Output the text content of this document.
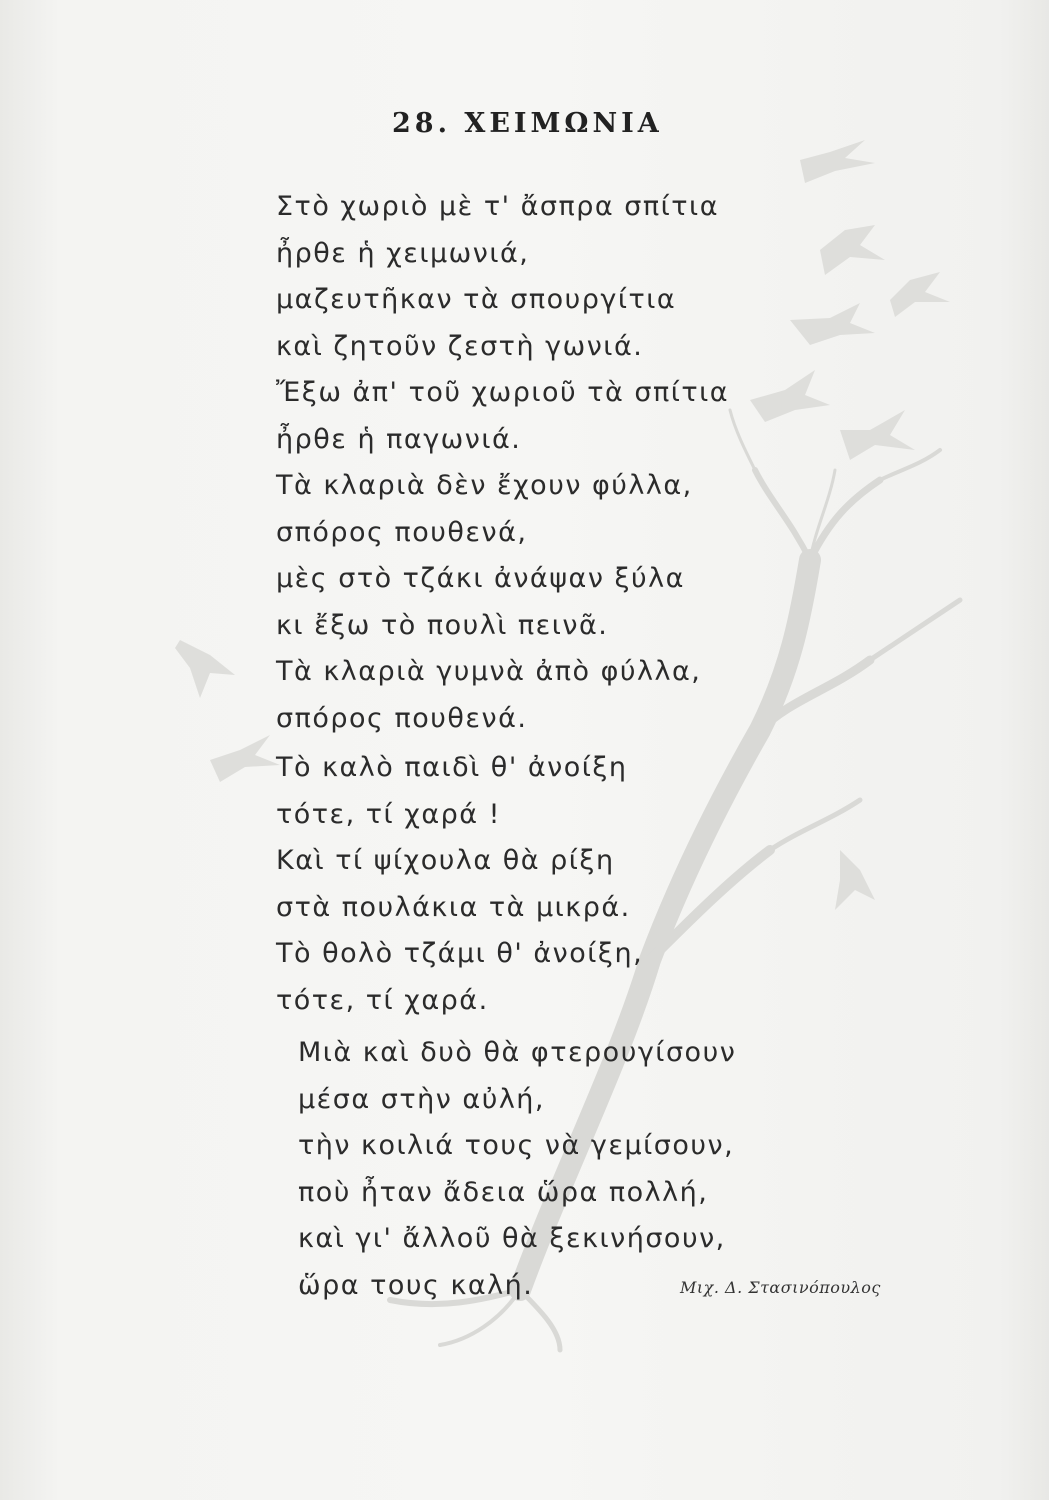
28. ΧΕΙΜΩΝΙΑ
Στὸ χωριὸ μὲ τ' ἄσπρα σπίτια
ἦρθε ἡ χειμωνιά,
μαζευτῆκαν τὰ σπουργίτια
καὶ ζητοῦν ζεστὴ γωνιά.
Ἔξω ἀπ' τοῦ χωριοῦ τὰ σπίτια
ἦρθε ἡ παγωνιά.
Τὰ κλαριὰ δὲν ἔχουν φύλλα,
σπόρος πουθενά,
μὲς στὸ τζάκι ἀνάψαν ξύλα
κι ἔξω τὸ πουλὶ πεινᾶ.
Τὰ κλαριὰ γυμνὰ ἀπὸ φύλλα,
σπόρος πουθενά.
Τὸ καλὸ παιδὶ θ' ἀνοίξη
τότε, τί χαρά !
Καὶ τί ψίχουλα θὰ ρίξη
στὰ πουλάκια τὰ μικρά.
Τὸ θολὸ τζάμι θ' ἀνοίξη,
τότε, τί χαρά.
Μιὰ καὶ δυὸ θὰ φτερουγίσουν
μέσα στὴν αὐλή,
τὴν κοιλιά τους νὰ γεμίσουν,
ποὺ ἦταν ἄδεια ὥρα πολλή,
καὶ γι' ἄλλοῦ θὰ ξεκινήσουν,
ὥρα τους καλή.	Μιχ. Δ. Στασινόπουλος
